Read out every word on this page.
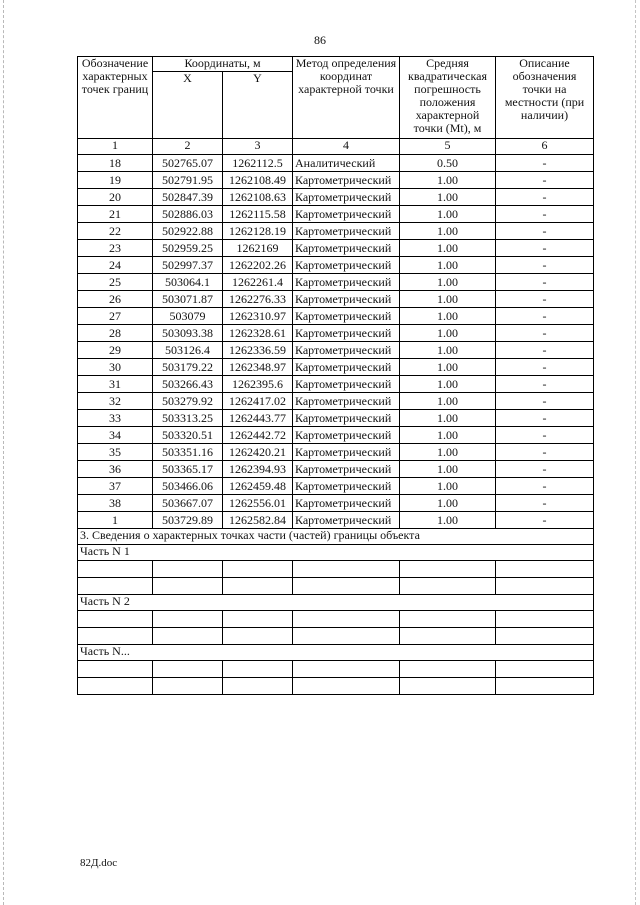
86
Обозначение характерных точек границ	Координаты, м		Метод определения координат характерной точки	Средняя квадратическая погрешность положения характерной точки (Mt), м	Описание обозначения точки на местности (при наличии)
	X	Y			
1	2	3	4	5	6
18	502765.07	1262112.5	Аналитический	0.50	-
19	502791.95	1262108.49	Картометрический	1.00	-
20	502847.39	1262108.63	Картометрический	1.00	-
21	502886.03	1262115.58	Картометрический	1.00	-
22	502922.88	1262128.19	Картометрический	1.00	-
23	502959.25	1262169	Картометрический	1.00	-
24	502997.37	1262202.26	Картометрический	1.00	-
25	503064.1	1262261.4	Картометрический	1.00	-
26	503071.87	1262276.33	Картометрический	1.00	-
27	503079	1262310.97	Картометрический	1.00	-
28	503093.38	1262328.61	Картометрический	1.00	-
29	503126.4	1262336.59	Картометрический	1.00	-
30	503179.22	1262348.97	Картометрический	1.00	-
31	503266.43	1262395.6	Картометрический	1.00	-
32	503279.92	1262417.02	Картометрический	1.00	-
33	503313.25	1262443.77	Картометрический	1.00	-
34	503320.51	1262442.72	Картометрический	1.00	-
35	503351.16	1262420.21	Картометрический	1.00	-
36	503365.17	1262394.93	Картометрический	1.00	-
37	503466.06	1262459.48	Картометрический	1.00	-
38	503667.07	1262556.01	Картометрический	1.00	-
1	503729.89	1262582.84	Картометрический	1.00	-
3. Сведения о характерных точках части (частей) границы объекта					
Часть N 1					

Часть N 2					

Часть N...					

82Д.doc
